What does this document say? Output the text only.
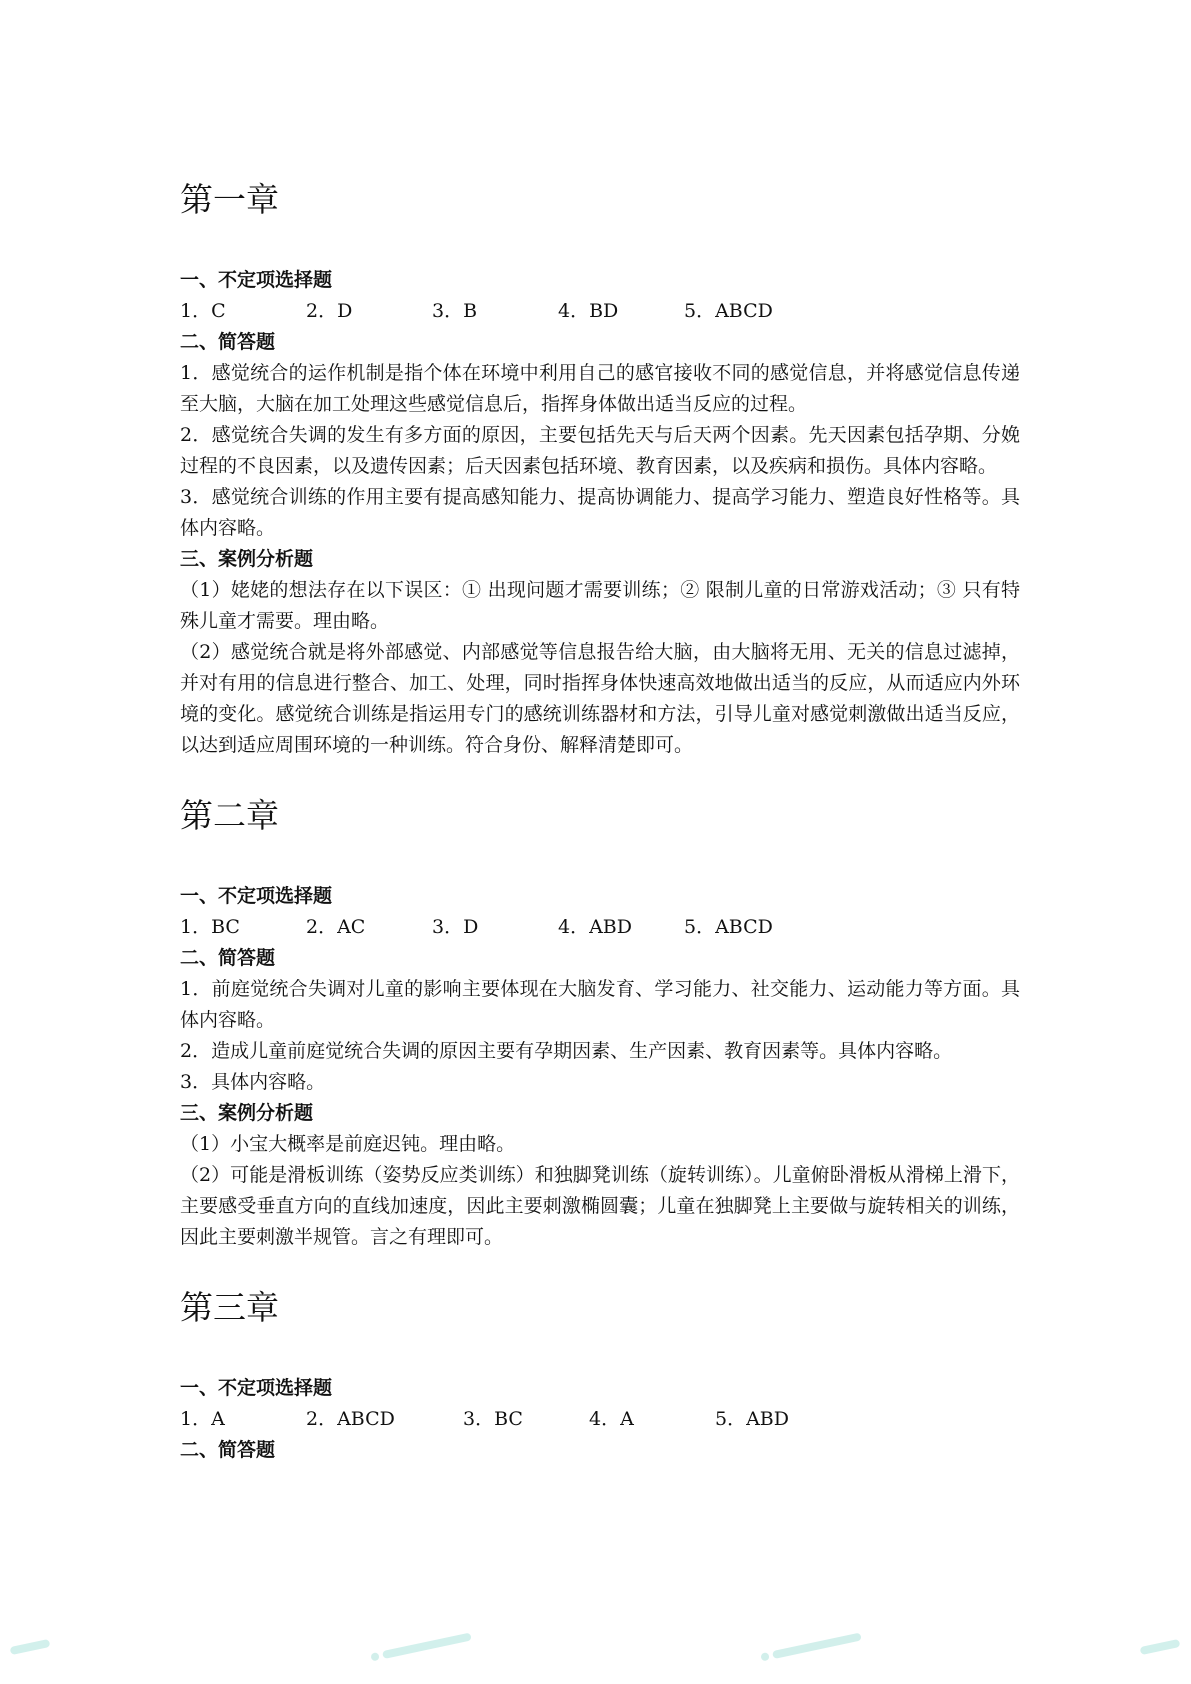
第一章

一、不定项选择题

1．C	2．D	3．B	4．BD	5．ABCD

二、简答题

1．感觉统合的运作机制是指个体在环境中利用自己的感官接收不同的感觉信息，并将感觉信息传递至大脑，大脑在加工处理这些感觉信息后，指挥身体做出适当反应的过程。

2．感觉统合失调的发生有多方面的原因，主要包括先天与后天两个因素。先天因素包括孕期、分娩过程的不良因素，以及遗传因素；后天因素包括环境、教育因素，以及疾病和损伤。具体内容略。

3．感觉统合训练的作用主要有提高感知能力、提高协调能力、提高学习能力、塑造良好性格等。具体内容略。

三、案例分析题

（1）姥姥的想法存在以下误区：① 出现问题才需要训练；② 限制儿童的日常游戏活动；③ 只有特殊儿童才需要。理由略。

（2）感觉统合就是将外部感觉、内部感觉等信息报告给大脑，由大脑将无用、无关的信息过滤掉，并对有用的信息进行整合、加工、处理，同时指挥身体快速高效地做出适当的反应，从而适应内外环境的变化。感觉统合训练是指运用专门的感统训练器材和方法，引导儿童对感觉刺激做出适当反应，以达到适应周围环境的一种训练。符合身份、解释清楚即可。

第二章

一、不定项选择题

1．BC	2．AC	3．D	4．ABD	5．ABCD

二、简答题

1．前庭觉统合失调对儿童的影响主要体现在大脑发育、学习能力、社交能力、运动能力等方面。具体内容略。

2．造成儿童前庭觉统合失调的原因主要有孕期因素、生产因素、教育因素等。具体内容略。

3．具体内容略。

三、案例分析题

（1）小宝大概率是前庭迟钝。理由略。

（2）可能是滑板训练（姿势反应类训练）和独脚凳训练（旋转训练）。儿童俯卧滑板从滑梯上滑下，主要感受垂直方向的直线加速度，因此主要刺激椭圆囊；儿童在独脚凳上主要做与旋转相关的训练，因此主要刺激半规管。言之有理即可。

第三章

一、不定项选择题

1．A	2．ABCD	3．BC	4．A	5．ABD

二、简答题
